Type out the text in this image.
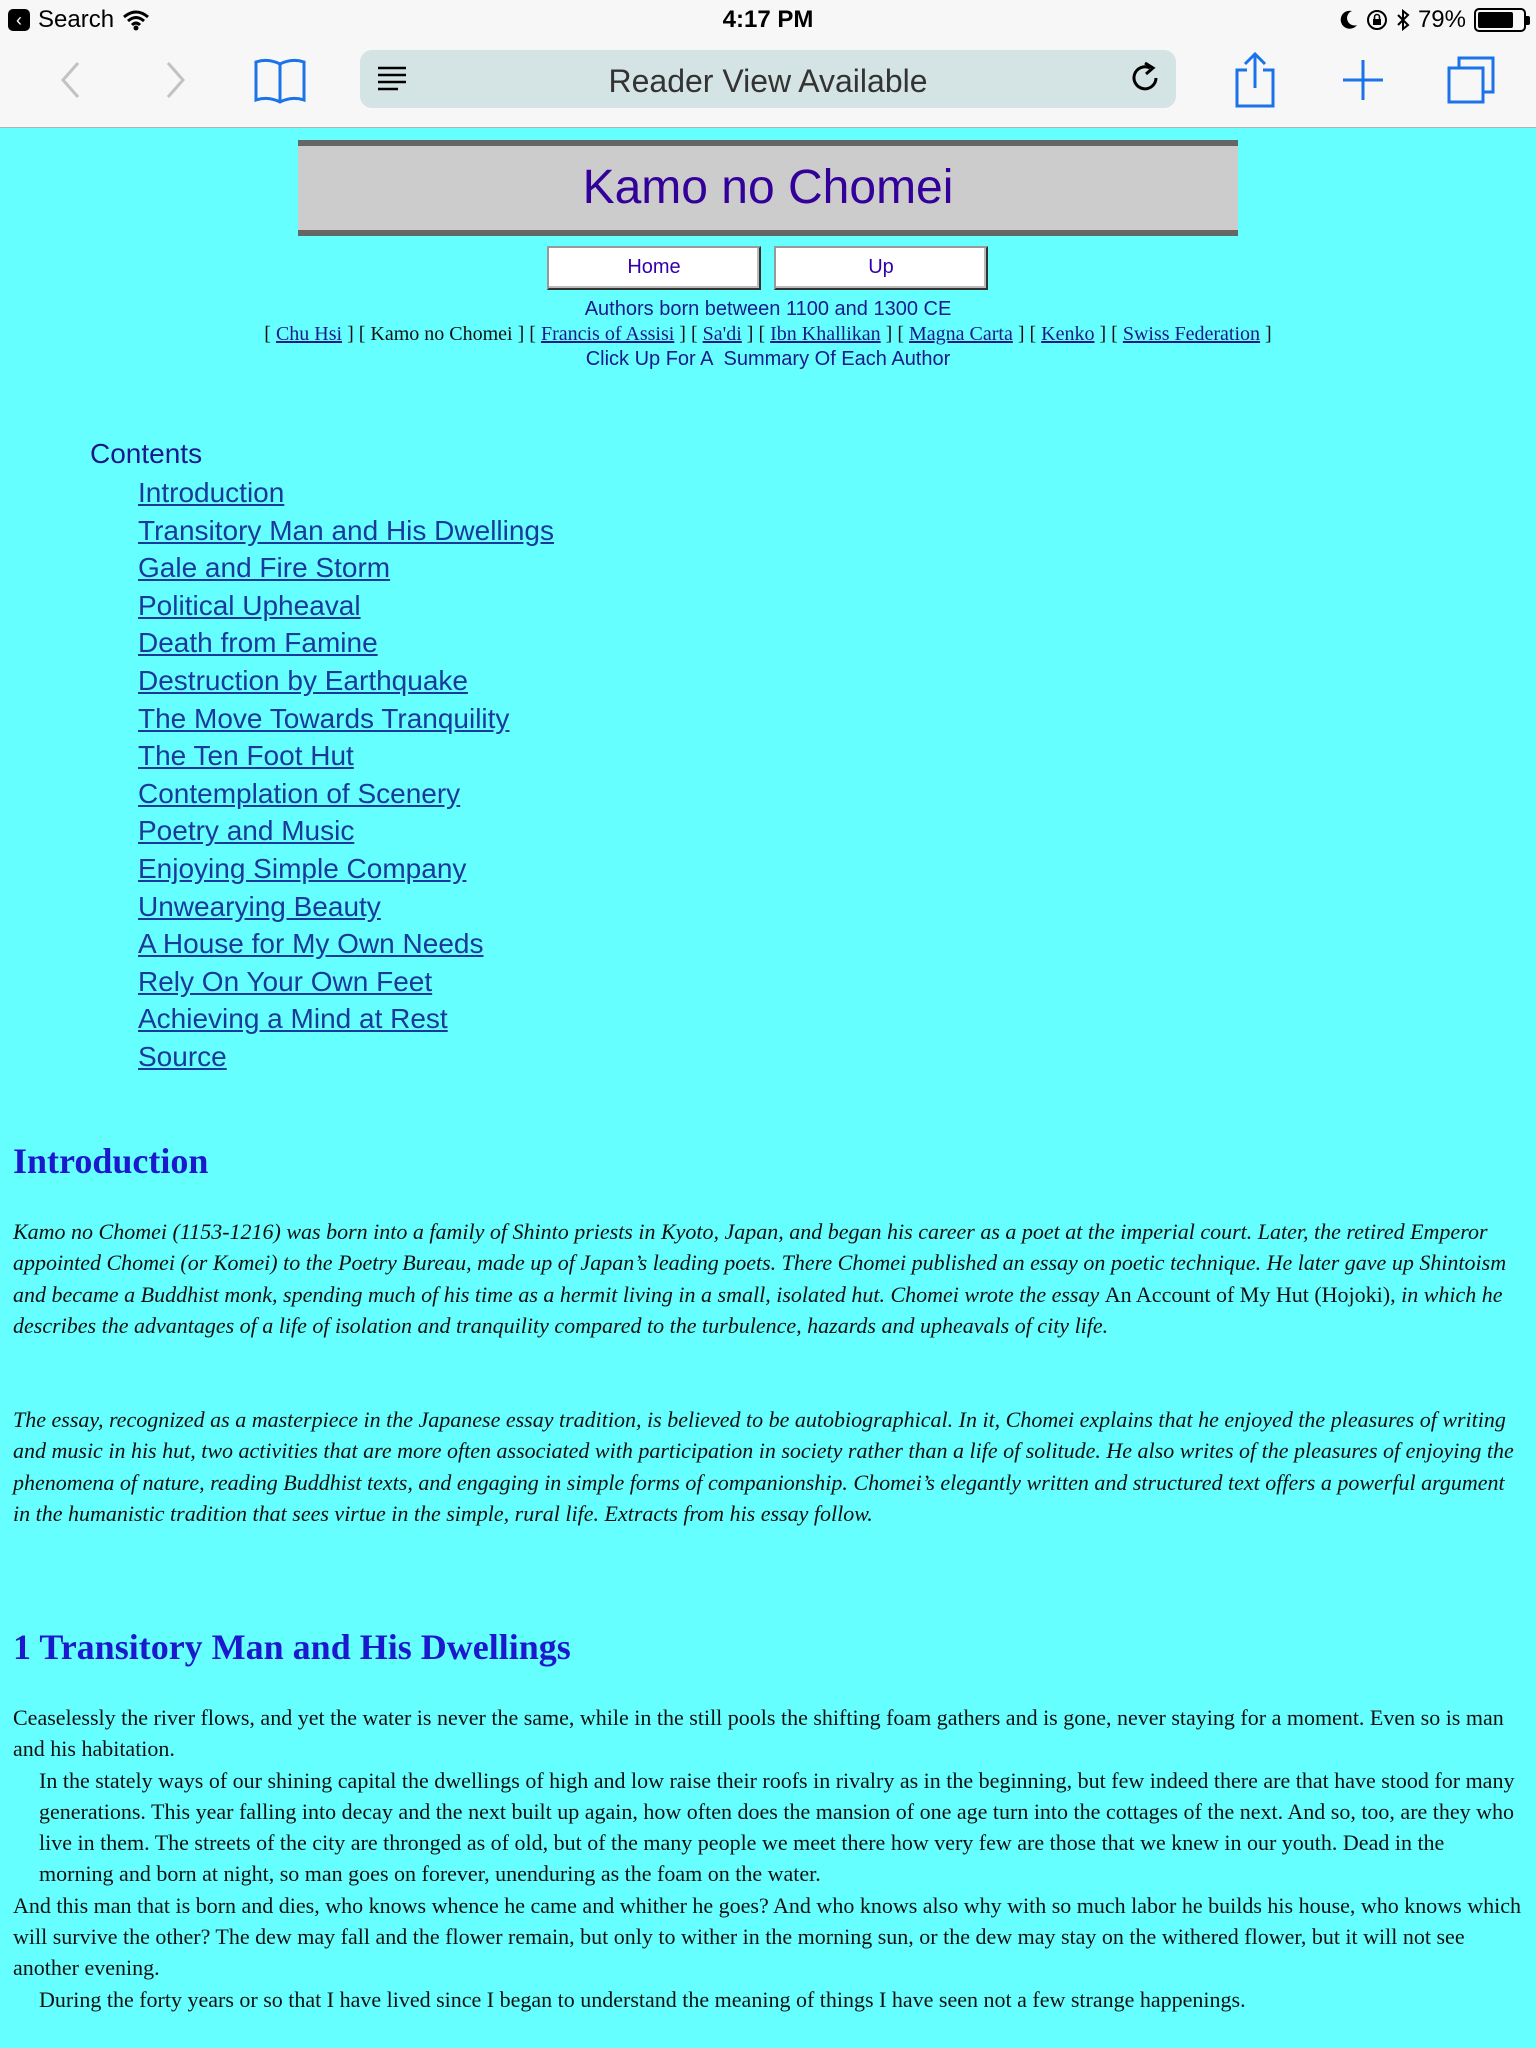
‹ Search	4:17 PM	79%
Reader View Available
Kamo no Chomei
Home	Up
Authors born between 1100 and 1300 CE
[ Chu Hsi ] [ Kamo no Chomei ] [ Francis of Assisi ] [ Sa'di ] [ Ibn Khallikan ] [ Magna Carta ] [ Kenko ] [ Swiss Federation ]
Click Up For A  Summary Of Each Author
Contents
Introduction
Transitory Man and His Dwellings
Gale and Fire Storm
Political Upheaval
Death from Famine
Destruction by Earthquake
The Move Towards Tranquility
The Ten Foot Hut
Contemplation of Scenery
Poetry and Music
Enjoying Simple Company
Unwearying Beauty
A House for My Own Needs
Rely On Your Own Feet
Achieving a Mind at Rest
Source
Introduction
Kamo no Chomei (1153-1216) was born into a family of Shinto priests in Kyoto, Japan, and began his career as a poet at the imperial court. Later, the retired Emperor appointed Chomei (or Komei) to the Poetry Bureau, made up of Japan’s leading poets. There Chomei published an essay on poetic technique. He later gave up Shintoism and became a Buddhist monk, spending much of his time as a hermit living in a small, isolated hut. Chomei wrote the essay An Account of My Hut (Hojoki), in which he describes the advantages of a life of isolation and tranquility compared to the turbulence, hazards and upheavals of city life.
The essay, recognized as a masterpiece in the Japanese essay tradition, is believed to be autobiographical. In it, Chomei explains that he enjoyed the pleasures of writing and music in his hut, two activities that are more often associated with participation in society rather than a life of solitude. He also writes of the pleasures of enjoying the phenomena of nature, reading Buddhist texts, and engaging in simple forms of companionship. Chomei’s elegantly written and structured text offers a powerful argument in the humanistic tradition that sees virtue in the simple, rural life. Extracts from his essay follow.
1 Transitory Man and His Dwellings
Ceaselessly the river flows, and yet the water is never the same, while in the still pools the shifting foam gathers and is gone, never staying for a moment. Even so is man and his habitation.
In the stately ways of our shining capital the dwellings of high and low raise their roofs in rivalry as in the beginning, but few indeed there are that have stood for many generations. This year falling into decay and the next built up again, how often does the mansion of one age turn into the cottages of the next. And so, too, are they who live in them. The streets of the city are thronged as of old, but of the many people we meet there how very few are those that we knew in our youth. Dead in the morning and born at night, so man goes on forever, unenduring as the foam on the water.
And this man that is born and dies, who knows whence he came and whither he goes? And who knows also why with so much labor he builds his house, who knows which will survive the other? The dew may fall and the flower remain, but only to wither in the morning sun, or the dew may stay on the withered flower, but it will not see another evening.
During the forty years or so that I have lived since I began to understand the meaning of things I have seen not a few strange happenings.
